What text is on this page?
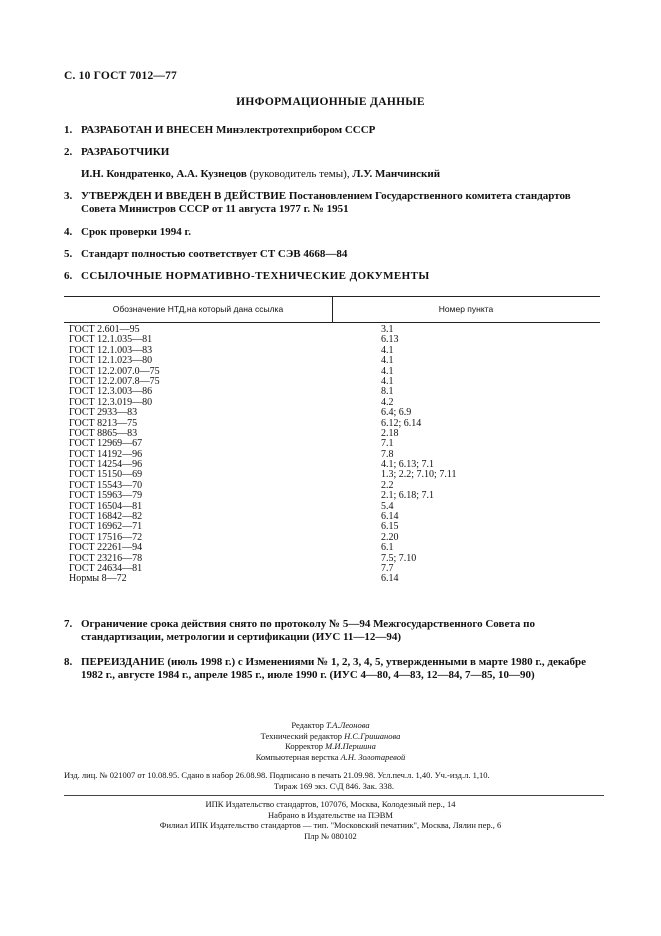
С. 10 ГОСТ 7012—77
ИНФОРМАЦИОННЫЕ ДАННЫЕ
1. РАЗРАБОТАН И ВНЕСЕН Минэлектротехприбором СССР
2. РАЗРАБОТЧИКИ
И.Н. Кондратенко, А.А. Кузнецов (руководитель темы), Л.У. Манчинский
3. УТВЕРЖДЕН И ВВЕДЕН В ДЕЙСТВИЕ Постановлением Государственного комитета стандартов Совета Министров СССР от 11 августа 1977 г. № 1951
4. Срок проверки 1994 г.
5. Стандарт полностью соответствует СТ СЭВ 4668—84
6. ССЫЛОЧНЫЕ НОРМАТИВНО-ТЕХНИЧЕСКИЕ ДОКУМЕНТЫ
Обозначение НТД,на который дана ссылка	Номер пункта
ГОСТ 2.601—95	3.1
ГОСТ 12.1.035—81	6.13
ГОСТ 12.1.003—83	4.1
ГОСТ 12.1.023—80	4.1
ГОСТ 12.2.007.0—75	4.1
ГОСТ 12.2.007.8—75	4.1
ГОСТ 12.3.003—86	8.1
ГОСТ 12.3.019—80	4.2
ГОСТ 2933—83	6.4; 6.9
ГОСТ 8213—75	6.12; 6.14
ГОСТ 8865—83	2.18
ГОСТ 12969—67	7.1
ГОСТ 14192—96	7.8
ГОСТ 14254—96	4.1; 6.13; 7.1
ГОСТ 15150—69	1.3; 2.2; 7.10; 7.11
ГОСТ 15543—70	2.2
ГОСТ 15963—79	2.1; 6.18; 7.1
ГОСТ 16504—81	5.4
ГОСТ 16842—82	6.14
ГОСТ 16962—71	6.15
ГОСТ 17516—72	2.20
ГОСТ 22261—94	6.1
ГОСТ 23216—78	7.5; 7.10
ГОСТ 24634—81	7.7
Нормы 8—72	6.14
7. Ограничение срока действия снято по протоколу № 5—94 Межгосударственного Совета по стандартизации, метрологии и сертификации (ИУС 11—12—94)
8. ПЕРЕИЗДАНИЕ (июль 1998 г.) с Изменениями № 1, 2, 3, 4, 5, утвержденными в марте 1980 г., декабре 1982 г., августе 1984 г., апреле 1985 г., июле 1990 г. (ИУС 4—80, 4—83, 12—84, 7—85, 10—90)
Редактор Т.А.Леонова
Технический редактор Н.С.Гришанова
Корректор М.И.Першина
Компьютерная верстка А.Н. Золотаревой
Изд. лиц. № 021007 от 10.08.95. Сдано в набор 26.08.98. Подписано в печать 21.09.98. Усл.печ.л. 1,40. Уч.-изд.л. 1,10.
Тираж 169 экз. С\Д 846. Зак. 338.
ИПК Издательство стандартов, 107076, Москва, Колодезный пер., 14
Набрано в Издательстве на ПЭВМ
Филиал ИПК Издательство стандартов — тип. "Московский печатник", Москва, Лялин пер., 6
Плр № 080102
